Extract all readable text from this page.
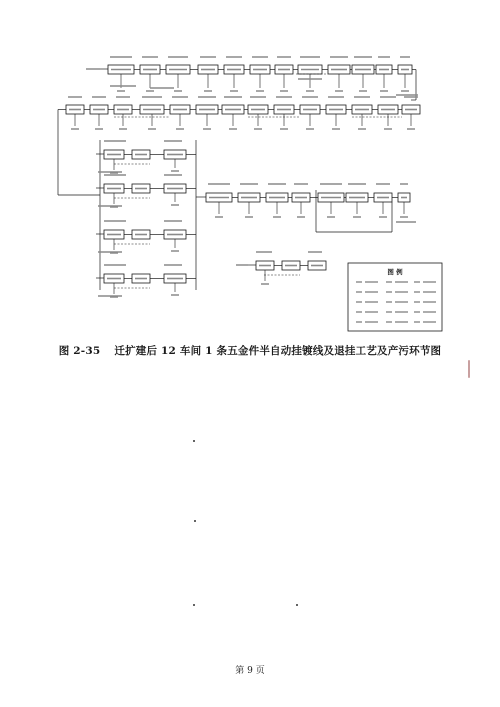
图 例
图 2-35 迁扩建后 12 车间 1 条五金件半自动挂镀线及退挂工艺及产污环节图
第 9 页
